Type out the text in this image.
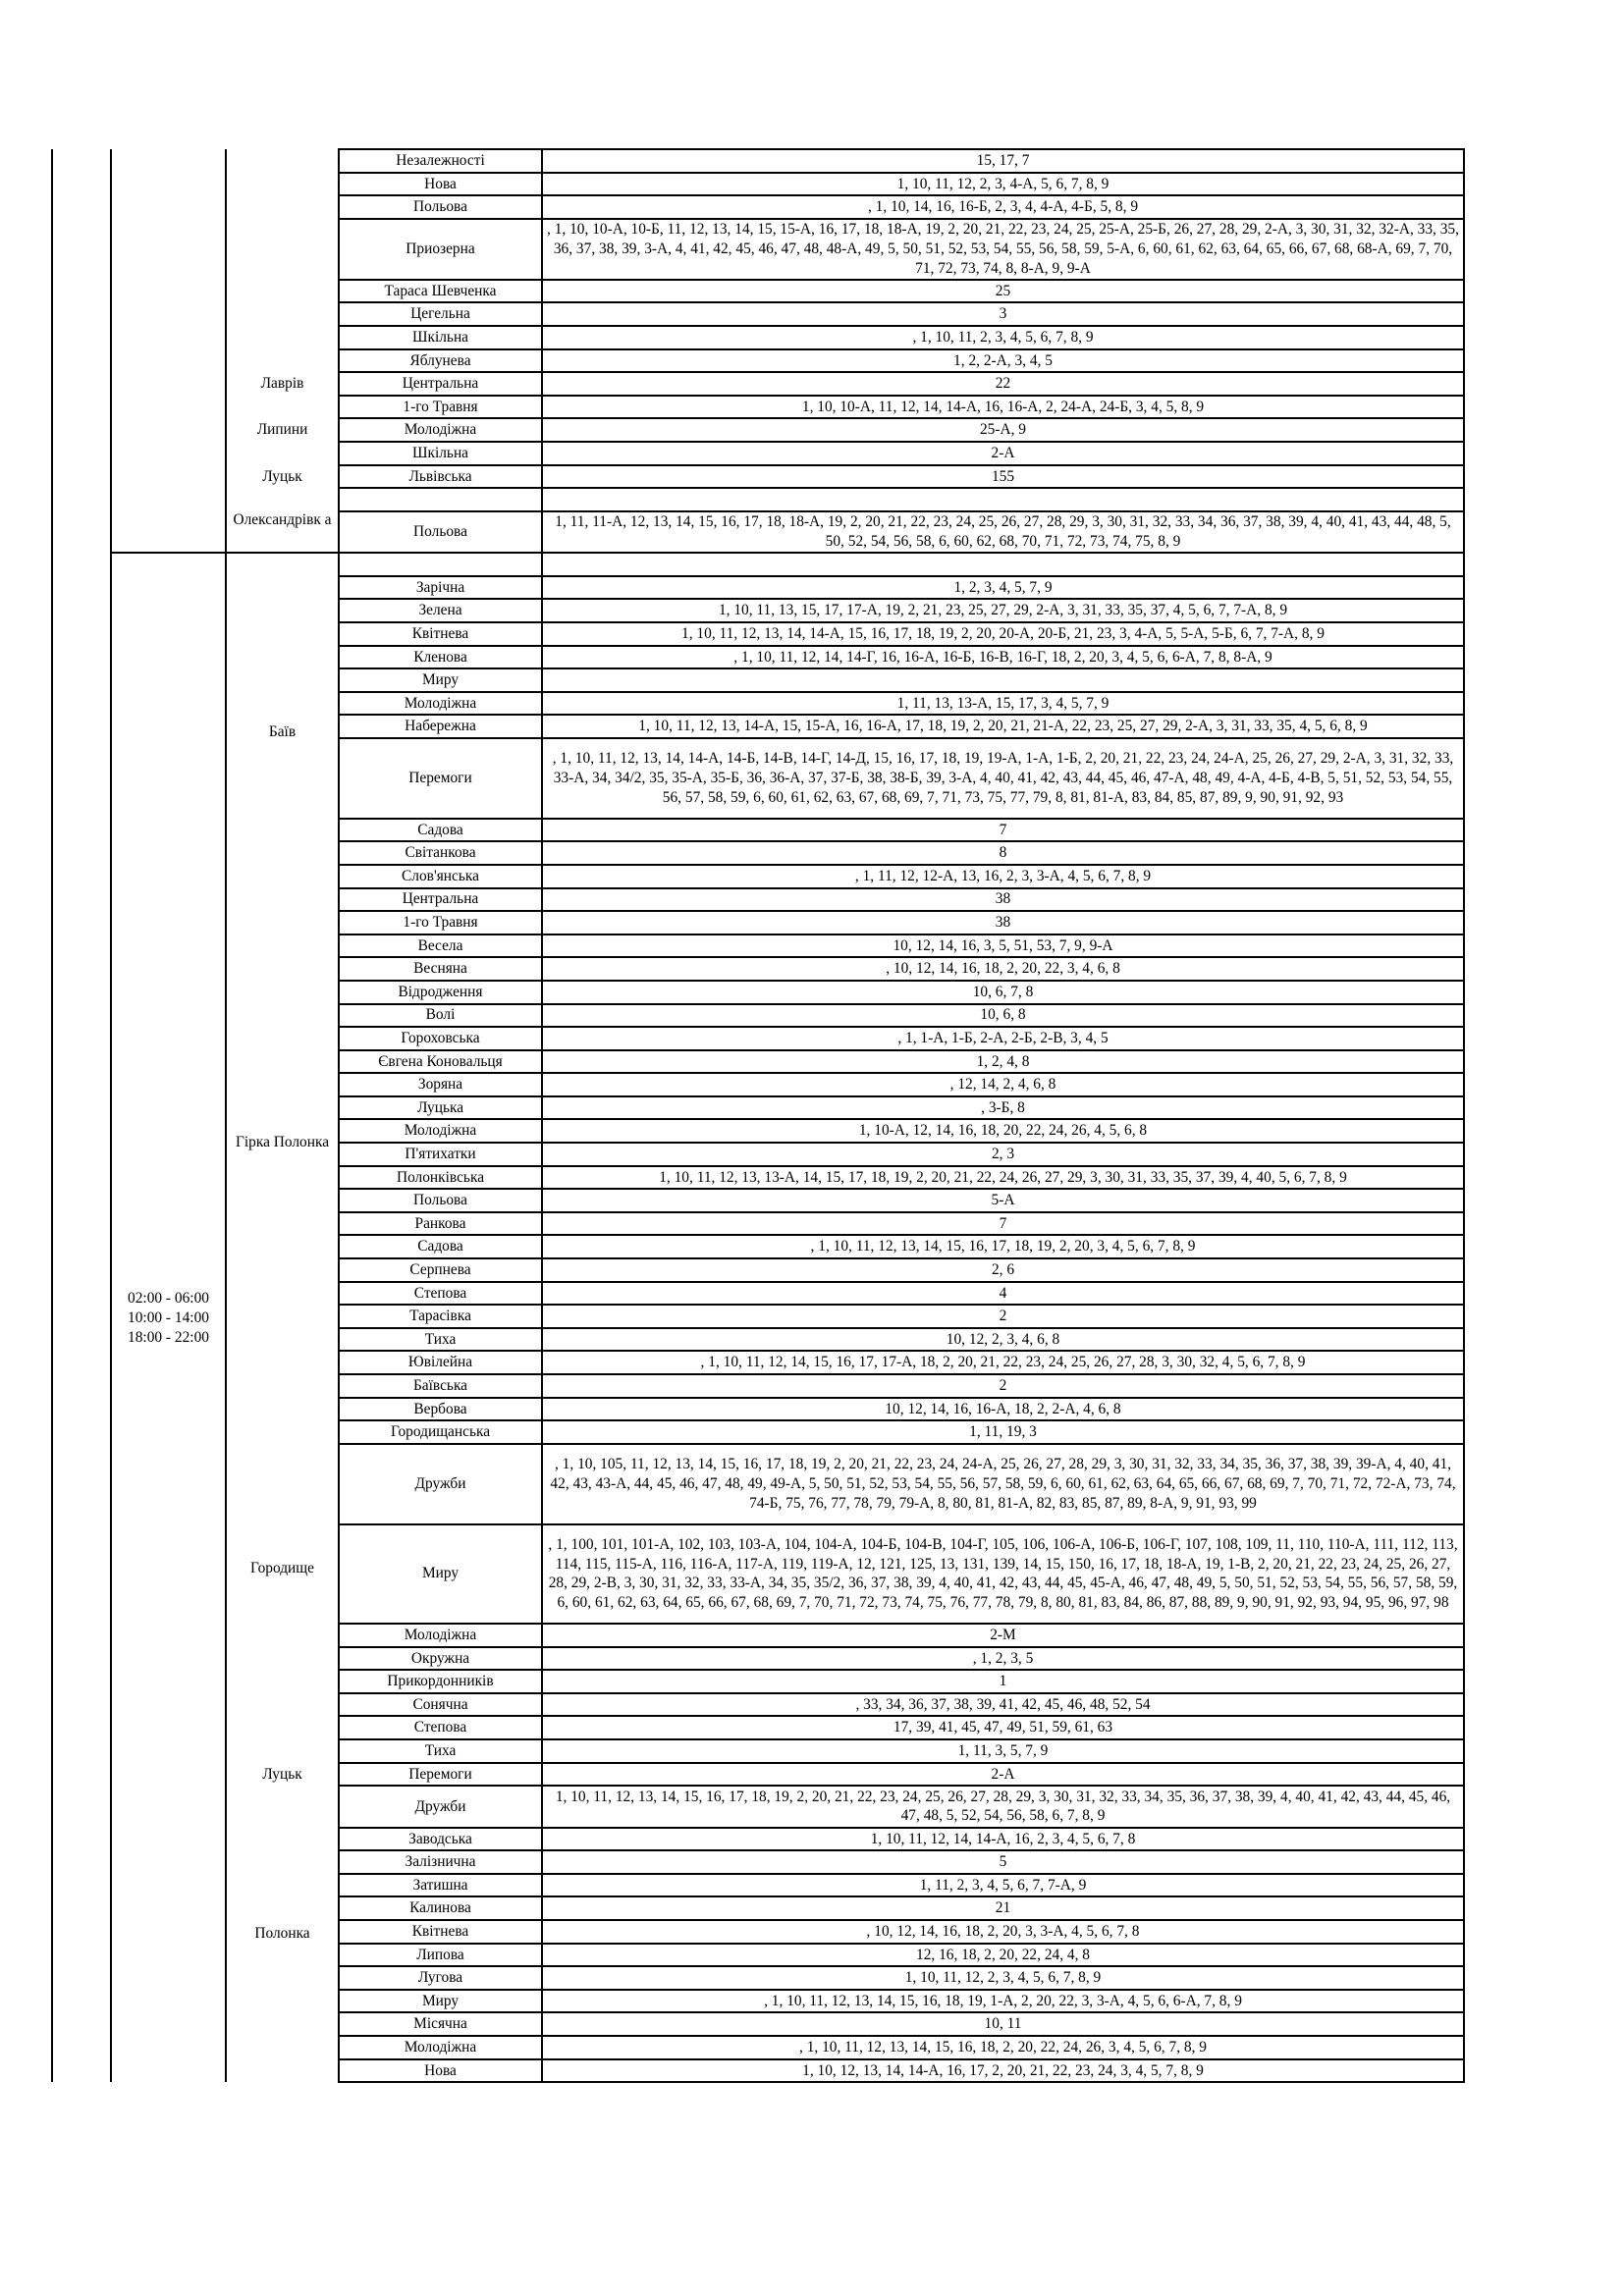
			Незалежності	15, 17, 7
			Нова	1, 10, 11, 12, 2, 3, 4-А, 5, 6, 7, 8, 9
			Польова	, 1, 10, 14, 16, 16-Б, 2, 3, 4, 4-А, 4-Б, 5, 8, 9
			Приозерна	, 1, 10, 10-А, 10-Б, 11, 12, 13, 14, 15, 15-А, 16, 17, 18, 18-А, 19, 2, 20, 21, 22, 23, 24, 25, 25-А, 25-Б, 26, 27, 28, 29, 2-А, 3, 30, 31, 32, 32-А, 33, 35, 36, 37, 38, 39, 3-А, 4, 41, 42, 45, 46, 47, 48, 48-А, 49, 5, 50, 51, 52, 53, 54, 55, 56, 58, 59, 5-А, 6, 60, 61, 62, 63, 64, 65, 66, 67, 68, 68-А, 69, 7, 70, 71, 72, 73, 74, 8, 8-А, 9, 9-А
			Тараса Шевченка	25
			Цегельна	3
			Шкільна	, 1, 10, 11, 2, 3, 4, 5, 6, 7, 8, 9
			Яблунева	1, 2, 2-А, 3, 4, 5
		Лаврів	Центральна	22
		Липини	1-го Травня	1, 10, 10-А, 11, 12, 14, 14-А, 16, 16-А, 2, 24-А, 24-Б, 3, 4, 5, 8, 9
			Молодіжна	25-А, 9
			Шкільна	2-А
		Луцьк	Львівська	155
		Олександрівк а		
			Польова	1, 11, 11-А, 12, 13, 14, 15, 16, 17, 18, 18-А, 19, 2, 20, 21, 22, 23, 24, 25, 26, 27, 28, 29, 3, 30, 31, 32, 33, 34, 36, 37, 38, 39, 4, 40, 41, 43, 44, 48, 5, 50, 52, 54, 56, 58, 6, 60, 62, 68, 70, 71, 72, 73, 74, 75, 8, 9
	02:00 - 06:00 10:00 - 14:00 18:00 - 22:00	Баїв		
			Зарічна	1, 2, 3, 4, 5, 7, 9
			Зелена	1, 10, 11, 13, 15, 17, 17-А, 19, 2, 21, 23, 25, 27, 29, 2-А, 3, 31, 33, 35, 37, 4, 5, 6, 7, 7-А, 8, 9
			Квітнева	1, 10, 11, 12, 13, 14, 14-А, 15, 16, 17, 18, 19, 2, 20, 20-А, 20-Б, 21, 23, 3, 4-А, 5, 5-А, 5-Б, 6, 7, 7-А, 8, 9
			Кленова	, 1, 10, 11, 12, 14, 14-Г, 16, 16-А, 16-Б, 16-В, 16-Г, 18, 2, 20, 3, 4, 5, 6, 6-А, 7, 8, 8-А, 9
			Миру	
			Молодіжна	1, 11, 13, 13-А, 15, 17, 3, 4, 5, 7, 9
			Набережна	1, 10, 11, 12, 13, 14-А, 15, 15-А, 16, 16-А, 17, 18, 19, 2, 20, 21, 21-А, 22, 23, 25, 27, 29, 2-А, 3, 31, 33, 35, 4, 5, 6, 8, 9
			Перемоги	, 1, 10, 11, 12, 13, 14, 14-А, 14-Б, 14-В, 14-Г, 14-Д, 15, 16, 17, 18, 19, 19-А, 1-А, 1-Б, 2, 20, 21, 22, 23, 24, 24-А, 25, 26, 27, 29, 2-А, 3, 31, 32, 33, 33-А, 34, 34/2, 35, 35-А, 35-Б, 36, 36-А, 37, 37-Б, 38, 38-Б, 39, 3-А, 4, 40, 41, 42, 43, 44, 45, 46, 47-А, 48, 49, 4-А, 4-Б, 4-В, 5, 51, 52, 53, 54, 55, 56, 57, 58, 59, 6, 60, 61, 62, 63, 67, 68, 69, 7, 71, 73, 75, 77, 79, 8, 81, 81-А, 83, 84, 85, 87, 89, 9, 90, 91, 92, 93
			Садова	7
			Світанкова	8
			Слов'янська	, 1, 11, 12, 12-А, 13, 16, 2, 3, 3-А, 4, 5, 6, 7, 8, 9
			Центральна	38
		Гірка Полонка	1-го Травня	38
			Весела	10, 12, 14, 16, 3, 5, 51, 53, 7, 9, 9-А
			Весняна	, 10, 12, 14, 16, 18, 2, 20, 22, 3, 4, 6, 8
			Відродження	10, 6, 7, 8
			Волі	10, 6, 8
			Гороховська	, 1, 1-А, 1-Б, 2-А, 2-Б, 2-В, 3, 4, 5
			Євгена Коновальця	1, 2, 4, 8
			Зоряна	, 12, 14, 2, 4, 6, 8
			Луцька	, 3-Б, 8
			Молодіжна	1, 10-А, 12, 14, 16, 18, 20, 22, 24, 26, 4, 5, 6, 8
			П'ятихатки	2, 3
			Полонківська	1, 10, 11, 12, 13, 13-А, 14, 15, 17, 18, 19, 2, 20, 21, 22, 24, 26, 27, 29, 3, 30, 31, 33, 35, 37, 39, 4, 40, 5, 6, 7, 8, 9
			Польова	5-А
			Ранкова	7
			Садова	, 1, 10, 11, 12, 13, 14, 15, 16, 17, 18, 19, 2, 20, 3, 4, 5, 6, 7, 8, 9
			Серпнева	2, 6
			Степова	4
			Тарасівка	2
			Тиха	10, 12, 2, 3, 4, 6, 8
			Ювілейна	, 1, 10, 11, 12, 14, 15, 16, 17, 17-А, 18, 2, 20, 21, 22, 23, 24, 25, 26, 27, 28, 3, 30, 32, 4, 5, 6, 7, 8, 9
		Городище	Баївська	2
			Вербова	10, 12, 14, 16, 16-А, 18, 2, 2-А, 4, 6, 8
			Городищанська	1, 11, 19, 3
			Дружби	, 1, 10, 105, 11, 12, 13, 14, 15, 16, 17, 18, 19, 2, 20, 21, 22, 23, 24, 24-А, 25, 26, 27, 28, 29, 3, 30, 31, 32, 33, 34, 35, 36, 37, 38, 39, 39-А, 4, 40, 41, 42, 43, 43-А, 44, 45, 46, 47, 48, 49, 49-А, 5, 50, 51, 52, 53, 54, 55, 56, 57, 58, 59, 6, 60, 61, 62, 63, 64, 65, 66, 67, 68, 69, 7, 70, 71, 72, 72-А, 73, 74, 74-Б, 75, 76, 77, 78, 79, 79-А, 8, 80, 81, 81-А, 82, 83, 85, 87, 89, 8-А, 9, 91, 93, 99
			Миру	, 1, 100, 101, 101-А, 102, 103, 103-А, 104, 104-А, 104-Б, 104-В, 104-Г, 105, 106, 106-А, 106-Б, 106-Г, 107, 108, 109, 11, 110, 110-А, 111, 112, 113, 114, 115, 115-А, 116, 116-А, 117-А, 119, 119-А, 12, 121, 125, 13, 131, 139, 14, 15, 150, 16, 17, 18, 18-А, 19, 1-В, 2, 20, 21, 22, 23, 24, 25, 26, 27, 28, 29, 2-В, 3, 30, 31, 32, 33, 33-А, 34, 35, 35/2, 36, 37, 38, 39, 4, 40, 41, 42, 43, 44, 45, 45-А, 46, 47, 48, 49, 5, 50, 51, 52, 53, 54, 55, 56, 57, 58, 59, 6, 60, 61, 62, 63, 64, 65, 66, 67, 68, 69, 7, 70, 71, 72, 73, 74, 75, 76, 77, 78, 79, 8, 80, 81, 83, 84, 86, 87, 88, 89, 9, 90, 91, 92, 93, 94, 95, 96, 97, 98
			Молодіжна	2-М
			Окружна	, 1, 2, 3, 5
			Прикордонників	1
			Сонячна	, 33, 34, 36, 37, 38, 39, 41, 42, 45, 46, 48, 52, 54
			Степова	17, 39, 41, 45, 47, 49, 51, 59, 61, 63
			Тиха	1, 11, 3, 5, 7, 9
		Луцьк	Перемоги	2-А
		Полонка	Дружби	1, 10, 11, 12, 13, 14, 15, 16, 17, 18, 19, 2, 20, 21, 22, 23, 24, 25, 26, 27, 28, 29, 3, 30, 31, 32, 33, 34, 35, 36, 37, 38, 39, 4, 40, 41, 42, 43, 44, 45, 46, 47, 48, 5, 52, 54, 56, 58, 6, 7, 8, 9
			Заводська	1, 10, 11, 12, 14, 14-А, 16, 2, 3, 4, 5, 6, 7, 8
			Залізнична	5
			Затишна	1, 11, 2, 3, 4, 5, 6, 7, 7-А, 9
			Калинова	21
			Квітнева	, 10, 12, 14, 16, 18, 2, 20, 3, 3-А, 4, 5, 6, 7, 8
			Липова	12, 16, 18, 2, 20, 22, 24, 4, 8
			Лугова	1, 10, 11, 12, 2, 3, 4, 5, 6, 7, 8, 9
			Миру	, 1, 10, 11, 12, 13, 14, 15, 16, 18, 19, 1-А, 2, 20, 22, 3, 3-А, 4, 5, 6, 6-А, 7, 8, 9
			Місячна	10, 11
			Молодіжна	, 1, 10, 11, 12, 13, 14, 15, 16, 18, 2, 20, 22, 24, 26, 3, 4, 5, 6, 7, 8, 9
			Нова	1, 10, 12, 13, 14, 14-А, 16, 17, 2, 20, 21, 22, 23, 24, 3, 4, 5, 7, 8, 9
